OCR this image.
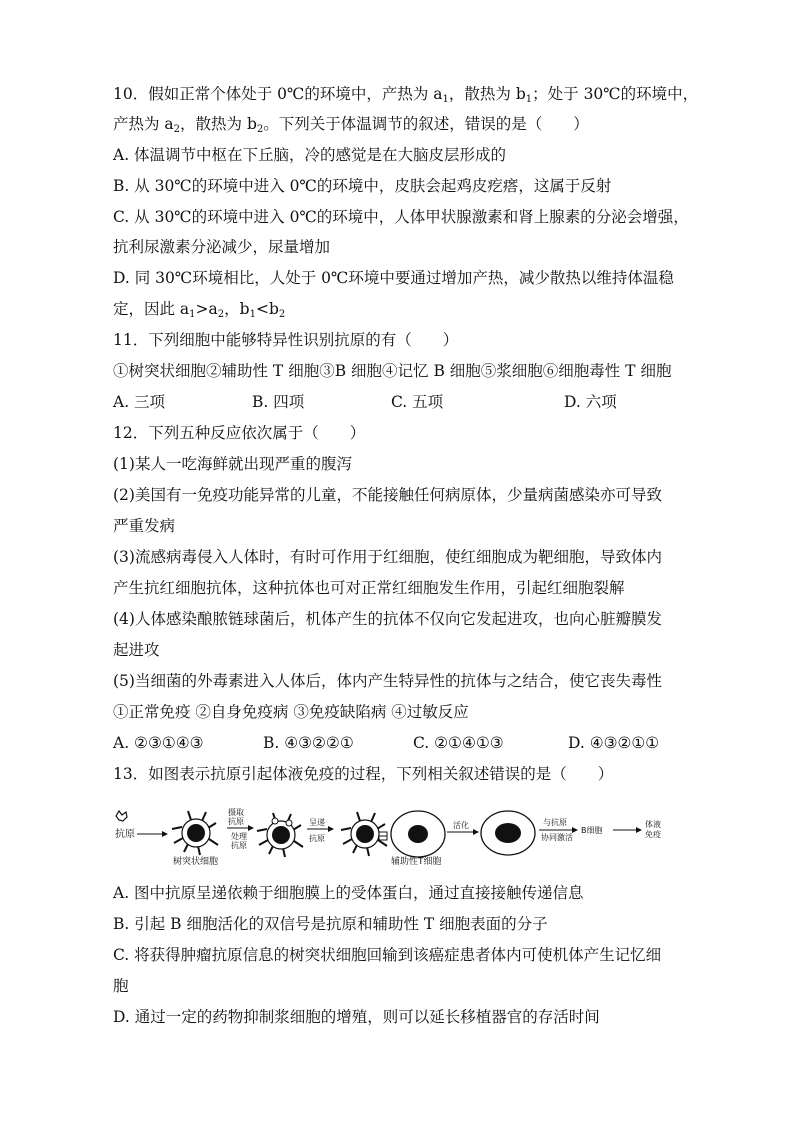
10．假如正常个体处于 0℃的环境中，产热为 $a_1$，散热为 $b_1$；处于 30℃的环境中，
产热为 $a_2$，散热为 $b_2$。下列关于体温调节的叙述，错误的是（　　）
A. 体温调节中枢在下丘脑，冷的感觉是在大脑皮层形成的
B. 从 30℃的环境中进入 0℃的环境中，皮肤会起鸡皮疙瘩，这属于反射
C. 从 30℃的环境中进入 0℃的环境中，人体甲状腺激素和肾上腺素的分泌会增强，
抗利尿激素分泌减少，尿量增加
D. 同 30℃环境相比，人处于 0℃环境中要通过增加产热，减少散热以维持体温稳
定，因此 $a_1>a_2$，$b_1<b_2$
11．下列细胞中能够特异性识别抗原的有（　　）
①树突状细胞②辅助性 T 细胞③B 细胞④记忆 B 细胞⑤浆细胞⑥细胞毒性 T 细胞
A. 三项	B. 四项	C. 五项	D. 六项
12．下列五种反应依次属于（　　）
(1)某人一吃海鲜就出现严重的腹泻
(2)美国有一免疫功能异常的儿童，不能接触任何病原体，少量病菌感染亦可导致
严重发病
(3)流感病毒侵入人体时，有时可作用于红细胞，使红细胞成为靶细胞，导致体内
产生抗红细胞抗体，这种抗体也可对正常红细胞发生作用，引起红细胞裂解
(4)人体感染酿脓链球菌后，机体产生的抗体不仅向它发起进攻，也向心脏瓣膜发
起进攻
(5)当细菌的外毒素进入人体后，体内产生特异性的抗体与之结合，使它丧失毒性
①正常免疫 ②自身免疫病 ③免疫缺陷病 ④过敏反应
A. ②③①④③	B. ④③②②①	C. ②①④①③	D. ④③②①①
13．如图表示抗原引起体液免疫的过程，下列相关叙述错误的是（　　）
抗原
摄取
抗原
处理
抗原
呈递
抗原
活化	与抗原
协同激活
B细胞
体液
免疫
树突状细胞	辅助性T细胞
A. 图中抗原呈递依赖于细胞膜上的受体蛋白，通过直接接触传递信息
B. 引起 B 细胞活化的双信号是抗原和辅助性 T 细胞表面的分子
C. 将获得肿瘤抗原信息的树突状细胞回输到该癌症患者体内可使机体产生记忆细
胞
D. 通过一定的药物抑制浆细胞的增殖，则可以延长移植器官的存活时间
